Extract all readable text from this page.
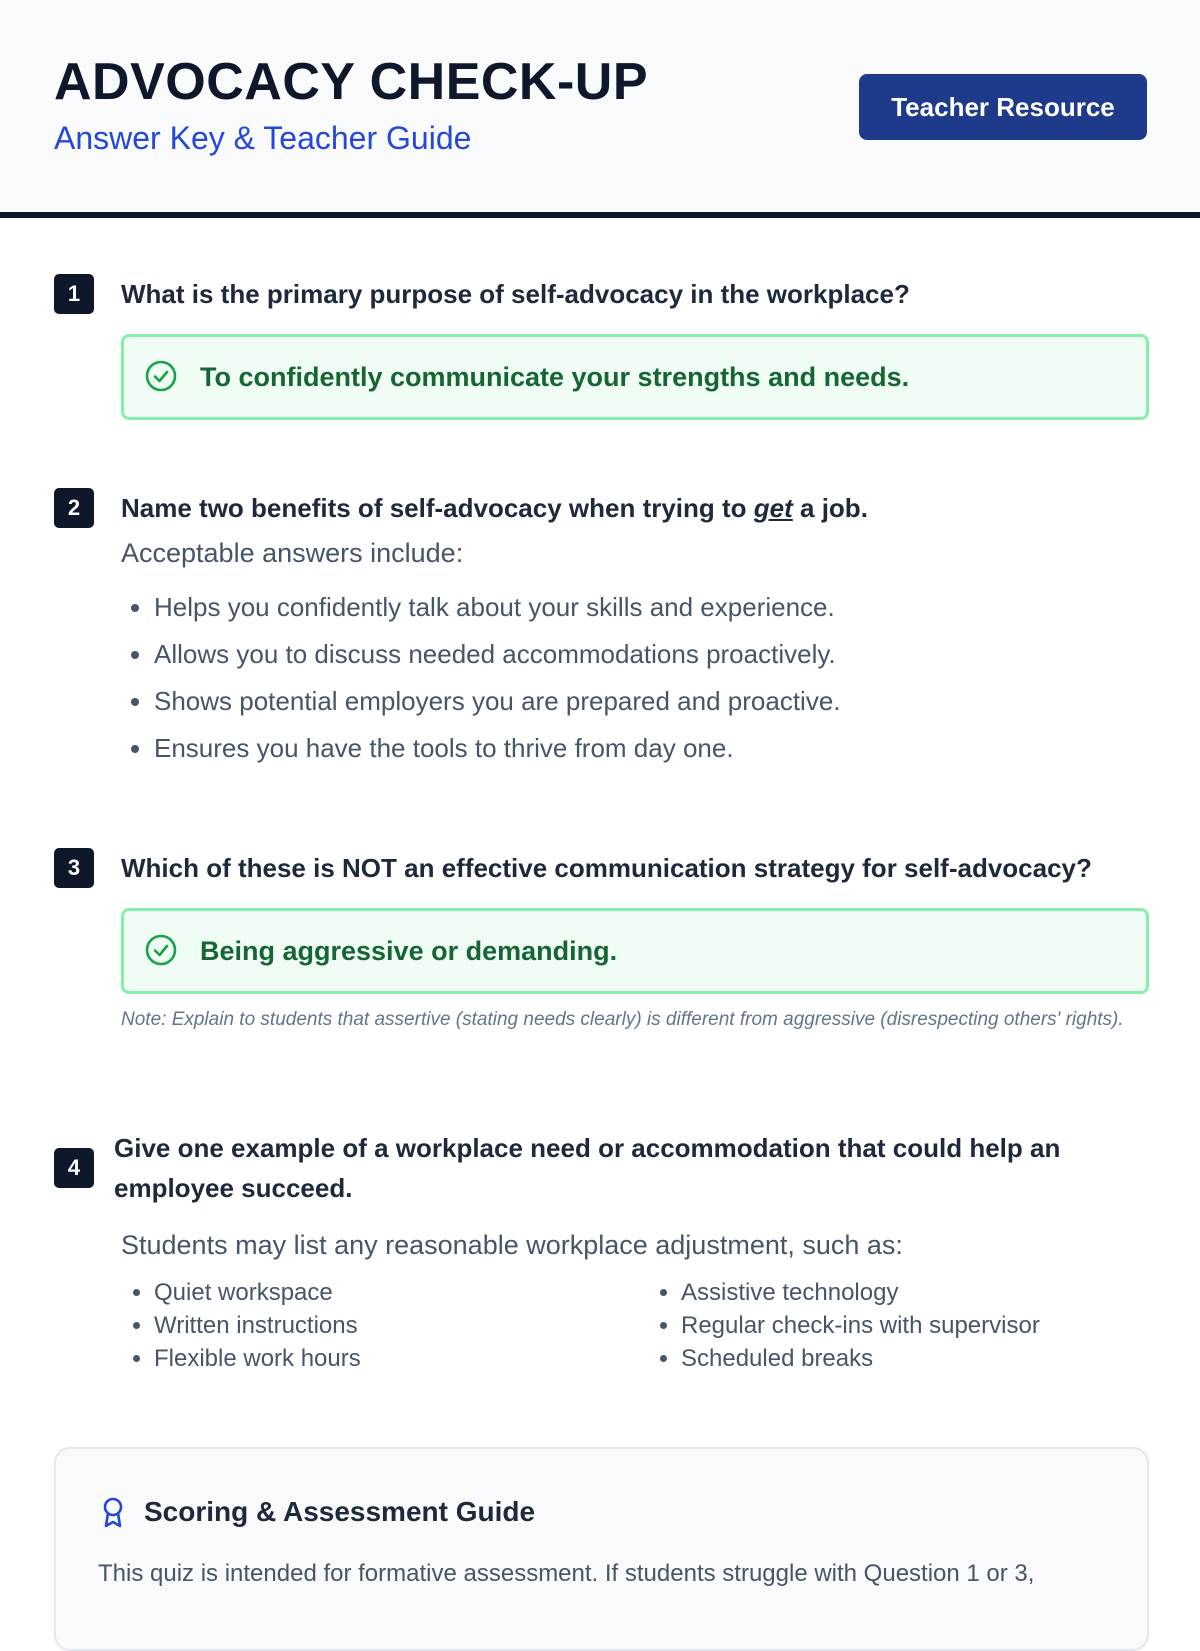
ADVOCACY CHECK-UP
Answer Key & Teacher Guide
Teacher Resource
1	What is the primary purpose of self-advocacy in the workplace?
To confidently communicate your strengths and needs.
2	Name two benefits of self-advocacy when trying to get a job.
Acceptable answers include:
• Helps you confidently talk about your skills and experience.
• Allows you to discuss needed accommodations proactively.
• Shows potential employers you are prepared and proactive.
• Ensures you have the tools to thrive from day one.
3	Which of these is NOT an effective communication strategy for self-advocacy?
Being aggressive or demanding.
Note: Explain to students that assertive (stating needs clearly) is different from aggressive (disrespecting others' rights).
4
Give one example of a workplace need or accommodation that could help an employee succeed.
Students may list any reasonable workplace adjustment, such as:
• Quiet workspace
• Written instructions
• Flexible work hours
• Assistive technology
• Regular check-ins with supervisor
• Scheduled breaks
Scoring & Assessment Guide
This quiz is intended for formative assessment. If students struggle with Question 1 or 3,
